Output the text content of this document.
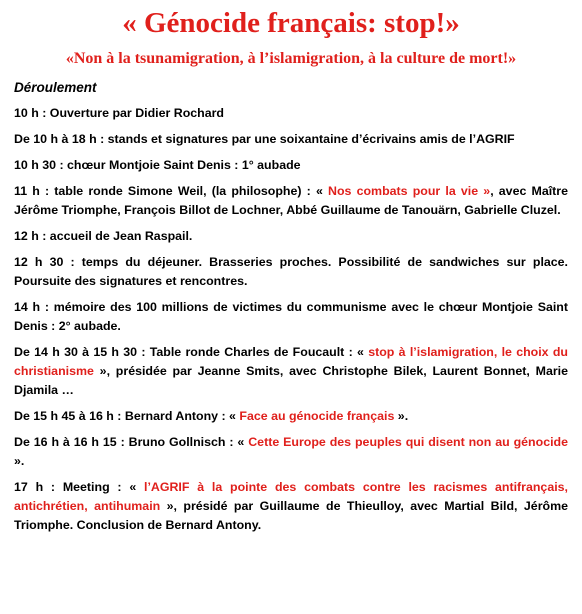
« Génocide français: stop!»
«Non à la tsunamigration, à l’islamigration, à la culture de mort!»
Déroulement

10 h : Ouverture par Didier Rochard

De 10 h à 18 h : stands et signatures par une soixantaine d’écrivains amis de l’AGRIF

10 h 30 : chœur Montjoie Saint Denis : 1° aubade

11 h : table ronde Simone Weil, (la philosophe) : « Nos combats pour la vie », avec Maître Jérôme Triomphe, François Billot de Lochner, Abbé Guillaume de Tanouärn, Gabrielle Cluzel.

12 h : accueil de Jean Raspail.

12 h 30 : temps du déjeuner. Brasseries proches. Possibilité de sandwiches sur place. Poursuite des signatures et rencontres.

14 h : mémoire des 100 millions de victimes du communisme avec le chœur Montjoie Saint Denis : 2° aubade.

De 14 h 30 à 15 h 30 : Table ronde Charles de Foucault : « stop à l’islamigration, le choix du christianisme », présidée par Jeanne Smits, avec Christophe Bilek, Laurent Bonnet, Marie Djamila …

De 15 h 45 à 16 h : Bernard Antony : « Face au génocide français ».

De 16 h à 16 h 15 : Bruno Gollnisch : « Cette Europe des peuples qui disent non au génocide ».

17 h : Meeting : « l’AGRIF à la pointe des combats contre les racismes antifrançais, antichrétien, antihumain », présidé par Guillaume de Thieulloy, avec Martial Bild, Jérôme Triomphe. Conclusion de Bernard Antony.
